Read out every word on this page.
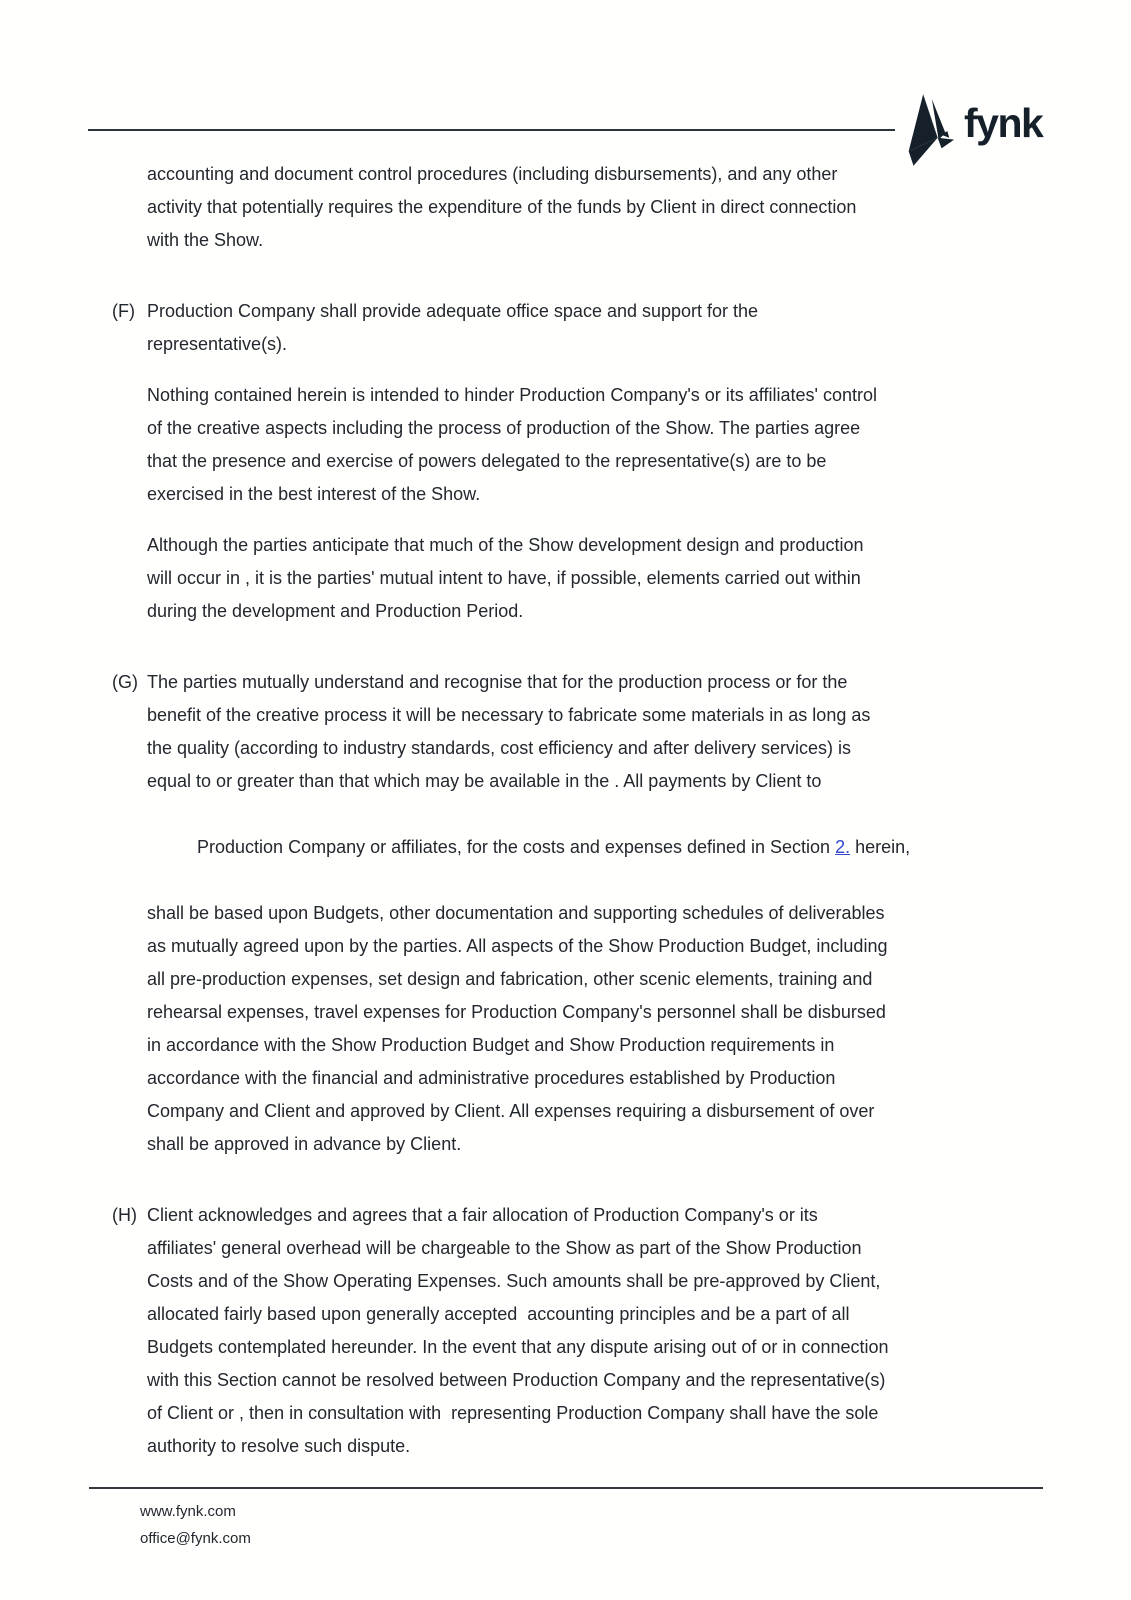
fynk
accounting and document control procedures (including disbursements), and any other
activity that potentially requires the expenditure of the funds by Client in direct connection
with the Show.
(F) Production Company shall provide adequate office space and support for the
representative(s).
Nothing contained herein is intended to hinder Production Company's or its affiliates' control
of the creative aspects including the process of production of the Show. The parties agree
that the presence and exercise of powers delegated to the representative(s) are to be
exercised in the best interest of the Show.
Although the parties anticipate that much of the Show development design and production
will occur in , it is the parties' mutual intent to have, if possible, elements carried out within
during the development and Production Period.
(G) The parties mutually understand and recognise that for the production process or for the
benefit of the creative process it will be necessary to fabricate some materials in as long as
the quality (according to industry standards, cost efficiency and after delivery services) is
equal to or greater than that which may be available in the . All payments by Client to

Production Company or affiliates, for the costs and expenses defined in Section 2. herein,

shall be based upon Budgets, other documentation and supporting schedules of deliverables
as mutually agreed upon by the parties. All aspects of the Show Production Budget, including
all pre-production expenses, set design and fabrication, other scenic elements, training and
rehearsal expenses, travel expenses for Production Company's personnel shall be disbursed
in accordance with the Show Production Budget and Show Production requirements in
accordance with the financial and administrative procedures established by Production
Company and Client and approved by Client. All expenses requiring a disbursement of over
shall be approved in advance by Client.
(H) Client acknowledges and agrees that a fair allocation of Production Company's or its
affiliates' general overhead will be chargeable to the Show as part of the Show Production
Costs and of the Show Operating Expenses. Such amounts shall be pre-approved by Client,
allocated fairly based upon generally accepted  accounting principles and be a part of all
Budgets contemplated hereunder. In the event that any dispute arising out of or in connection
with this Section cannot be resolved between Production Company and the representative(s)
of Client or , then in consultation with  representing Production Company shall have the sole
authority to resolve such dispute.
www.fynk.com
office@fynk.com
